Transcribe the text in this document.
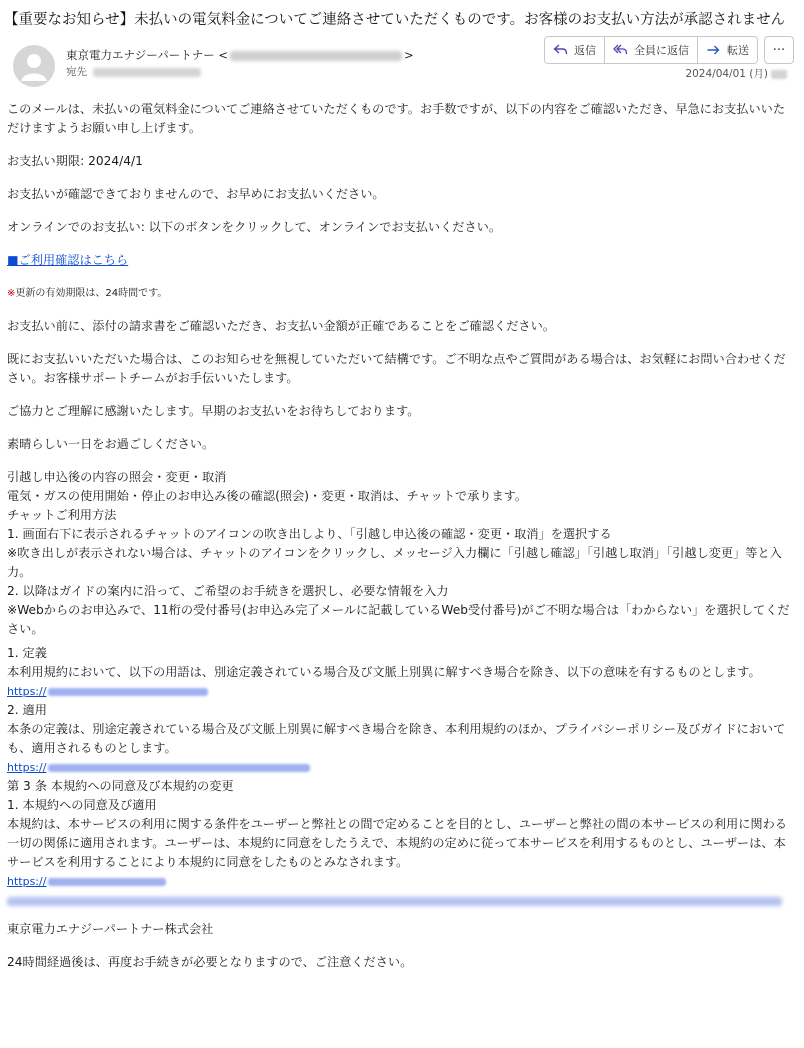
【重要なお知らせ】未払いの電気料金についてご連絡させていただくものです。お客様のお支払い方法が承認されません
東京電力エナジーパートナー <	>
宛先
返信	全員に返信	転送 ···
2024/04/01 (月)

このメールは、未払いの電気料金についてご連絡させていただくものです。お手数ですが、以下の内容をご確認いただき、早急にお支払いいただけますようお願い申し上げます。

お支払い期限: 2024/4/1

お支払いが確認できておりませんので、お早めにお支払いください。

オンラインでのお支払い: 以下のボタンをクリックして、オンラインでお支払いください。

■ご利用確認はこちら

※更新の有効期限は、24時間です。

お支払い前に、添付の請求書をご確認いただき、お支払い金額が正確であることをご確認ください。

既にお支払いいただいた場合は、このお知らせを無視していただいて結構です。ご不明な点やご質問がある場合は、お気軽にお問い合わせください。お客様サポートチームがお手伝いいたします。

ご協力とご理解に感謝いたします。早期のお支払いをお待ちしております。

素晴らしい一日をお過ごしください。

引越し申込後の内容の照会・変更・取消

電気・ガスの使用開始・停止のお申込み後の確認(照会)・変更・取消は、チャットで承ります。

チャットご利用方法

1. 画面右下に表示されるチャットのアイコンの吹き出しより、「引越し申込後の確認・変更・取消」を選択する

※吹き出しが表示されない場合は、チャットのアイコンをクリックし、メッセージ入力欄に「引越し確認」「引越し取消」「引越し変更」等と入力。

2. 以降はガイドの案内に沿って、ご希望のお手続きを選択し、必要な情報を入力

※Webからのお申込みで、11桁の受付番号(お申込み完了メールに記載しているWeb受付番号)がご不明な場合は「わからない」を選択してください。

1. 定義

本利用規約において、以下の用語は、別途定義されている場合及び文脈上別異に解すべき場合を除き、以下の意味を有するものとします。

https://

2. 適用

本条の定義は、別途定義されている場合及び文脈上別異に解すべき場合を除き、本利用規約のほか、プライバシーポリシー及びガイドにおいても、適用されるものとします。

https://

第 3 条 本規約への同意及び本規約の変更

1. 本規約への同意及び適用

本規約は、本サービスの利用に関する条件をユーザーと弊社との間で定めることを目的とし、ユーザーと弊社の間の本サービスの利用に関わる一切の関係に適用されます。ユーザーは、本規約に同意をしたうえで、本規約の定めに従って本サービスを利用するものとし、ユーザーは、本サービスを利用することにより本規約に同意をしたものとみなされます。

https://

東京電力エナジーパートナー株式会社

24時間経過後は、再度お手続きが必要となりますので、ご注意ください。
